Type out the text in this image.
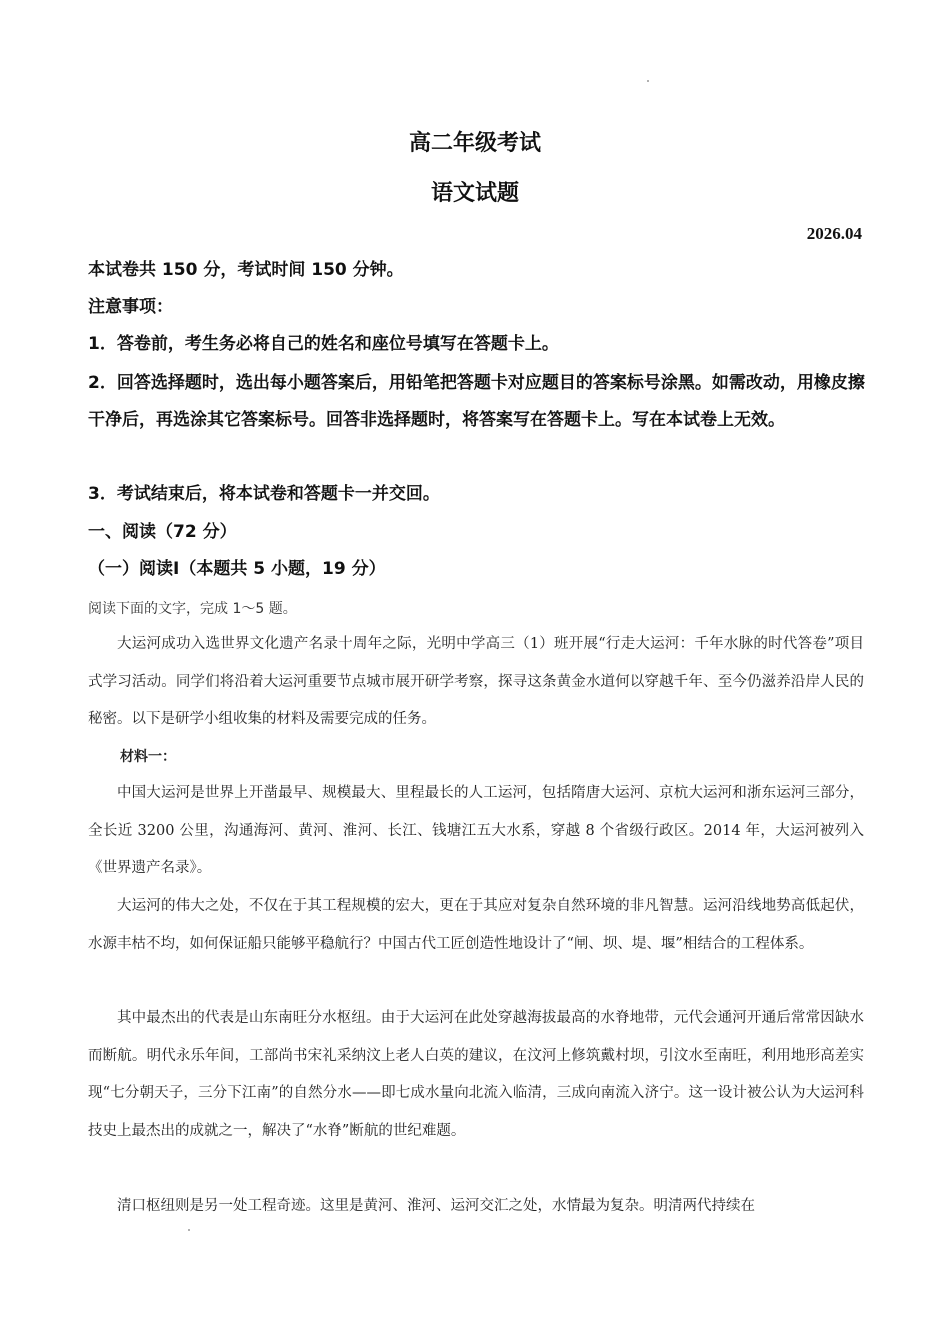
高二年级考试
语文试题
2026.04
本试卷共 150 分，考试时间 150 分钟。
注意事项：
1．答卷前，考生务必将自己的姓名和座位号填写在答题卡上。
2．回答选择题时，选出每小题答案后，用铅笔把答题卡对应题目的答案标号涂黑。如需改动，用橡皮擦干净后，再选涂其它答案标号。回答非选择题时，将答案写在答题卡上。写在本试卷上无效。
3．考试结束后，将本试卷和答题卡一并交回。
一、阅读（72 分）
（一）阅读Ⅰ（本题共 5 小题，19 分）
阅读下面的文字，完成 1～5 题。
大运河成功入选世界文化遗产名录十周年之际，光明中学高三（1）班开展“行走大运河：千年水脉的时代答卷”项目式学习活动。同学们将沿着大运河重要节点城市展开研学考察，探寻这条黄金水道何以穿越千年、至今仍滋养沿岸人民的秘密。以下是研学小组收集的材料及需要完成的任务。
材料一：
中国大运河是世界上开凿最早、规模最大、里程最长的人工运河，包括隋唐大运河、京杭大运河和浙东运河三部分，全长近 3200 公里，沟通海河、黄河、淮河、长江、钱塘江五大水系，穿越 8 个省级行政区。2014 年，大运河被列入《世界遗产名录》。
大运河的伟大之处，不仅在于其工程规模的宏大，更在于其应对复杂自然环境的非凡智慧。运河沿线地势高低起伏，水源丰枯不均，如何保证船只能够平稳航行？中国古代工匠创造性地设计了“闸、坝、堤、堰”相结合的工程体系。
其中最杰出的代表是山东南旺分水枢纽。由于大运河在此处穿越海拔最高的水脊地带，元代会通河开通后常常因缺水而断航。明代永乐年间，工部尚书宋礼采纳汶上老人白英的建议，在汶河上修筑戴村坝，引汶水至南旺，利用地形高差实现“七分朝天子，三分下江南”的自然分水——即七成水量向北流入临清，三成向南流入济宁。这一设计被公认为大运河科技史上最杰出的成就之一，解决了“水脊”断航的世纪难题。
清口枢纽则是另一处工程奇迹。这里是黄河、淮河、运河交汇之处，水情最为复杂。明清两代持续在
